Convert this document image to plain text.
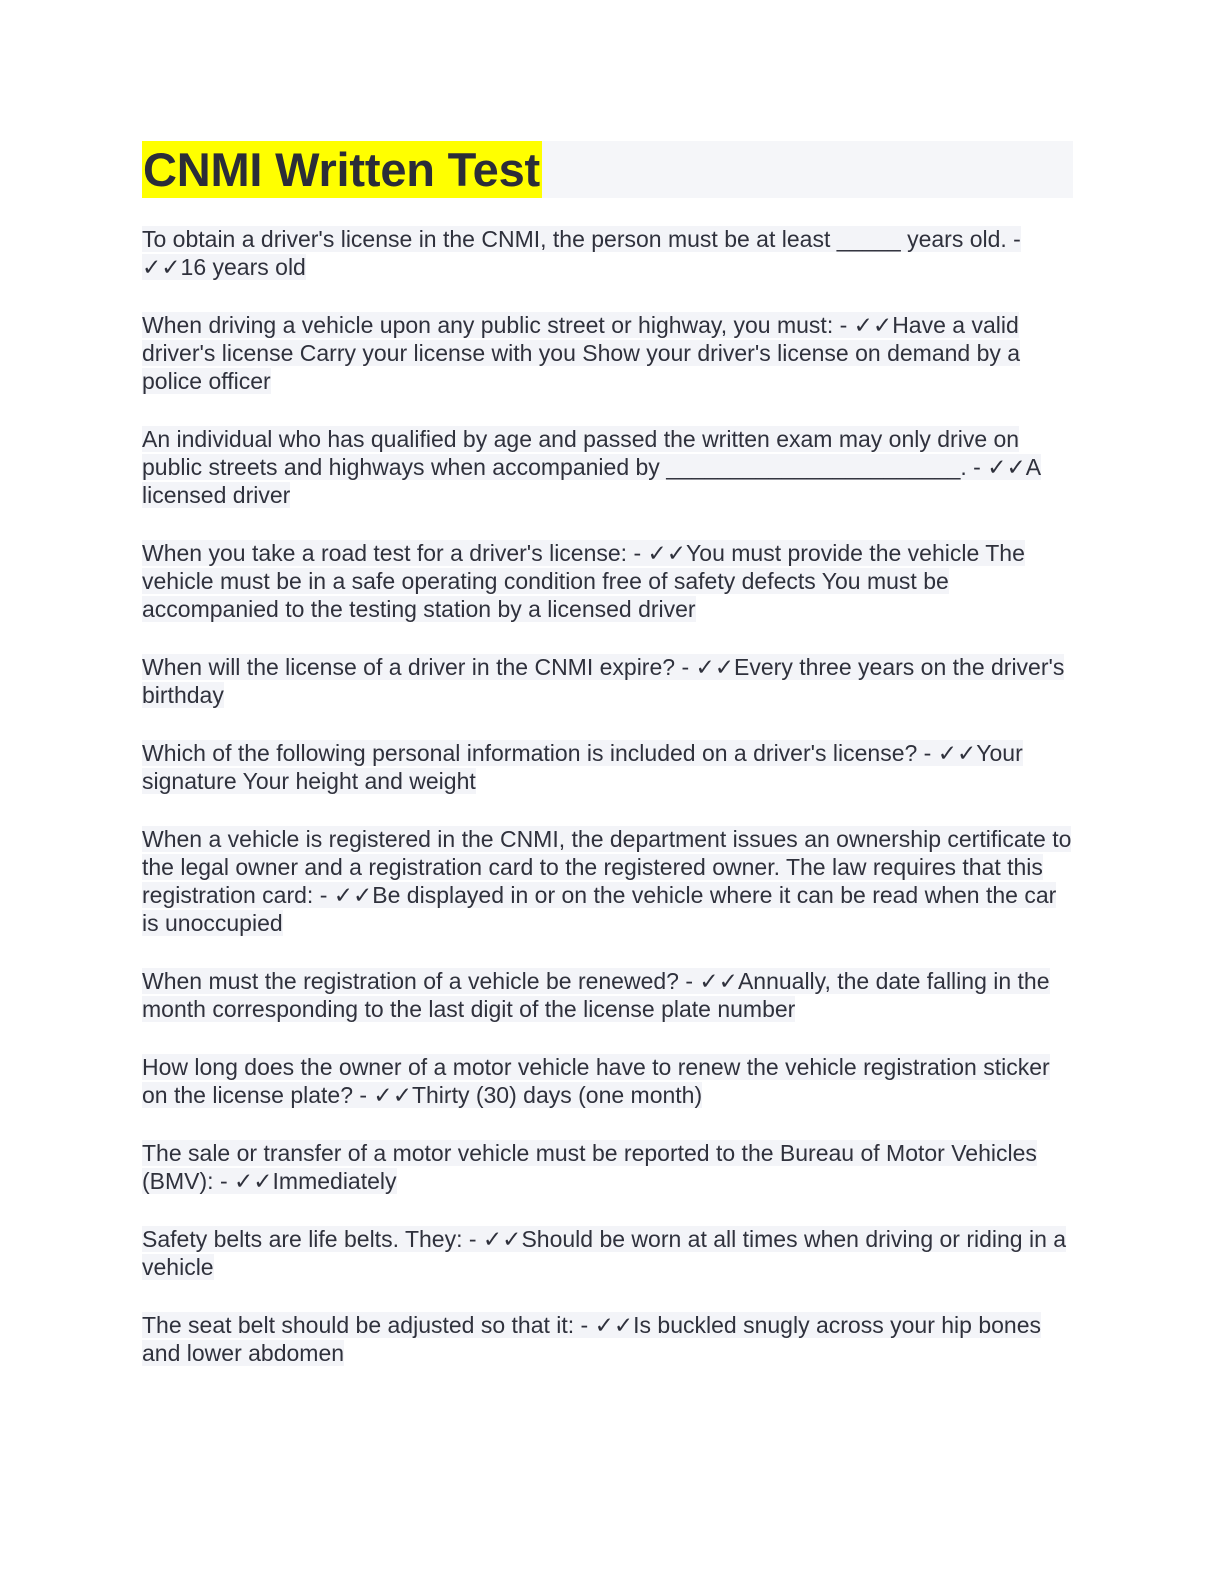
CNMI Written Test

To obtain a driver's license in the CNMI, the person must be at least _____ years old. - ✓✓16 years old

When driving a vehicle upon any public street or highway, you must: - ✓✓Have a valid driver's license Carry your license with you Show your driver's license on demand by a police officer

An individual who has qualified by age and passed the written exam may only drive on public streets and highways when accompanied by _______________________. - ✓✓A licensed driver

When you take a road test for a driver's license: - ✓✓You must provide the vehicle The vehicle must be in a safe operating condition free of safety defects You must be accompanied to the testing station by a licensed driver

When will the license of a driver in the CNMI expire? - ✓✓Every three years on the driver's birthday

Which of the following personal information is included on a driver's license? - ✓✓Your signature Your height and weight

When a vehicle is registered in the CNMI, the department issues an ownership certificate to the legal owner and a registration card to the registered owner. The law requires that this registration card: - ✓✓Be displayed in or on the vehicle where it can be read when the car is unoccupied

When must the registration of a vehicle be renewed? - ✓✓Annually, the date falling in the month corresponding to the last digit of the license plate number

How long does the owner of a motor vehicle have to renew the vehicle registration sticker on the license plate? - ✓✓Thirty (30) days (one month)

The sale or transfer of a motor vehicle must be reported to the Bureau of Motor Vehicles (BMV): - ✓✓Immediately

Safety belts are life belts. They: - ✓✓Should be worn at all times when driving or riding in a vehicle

The seat belt should be adjusted so that it: - ✓✓Is buckled snugly across your hip bones and lower abdomen
